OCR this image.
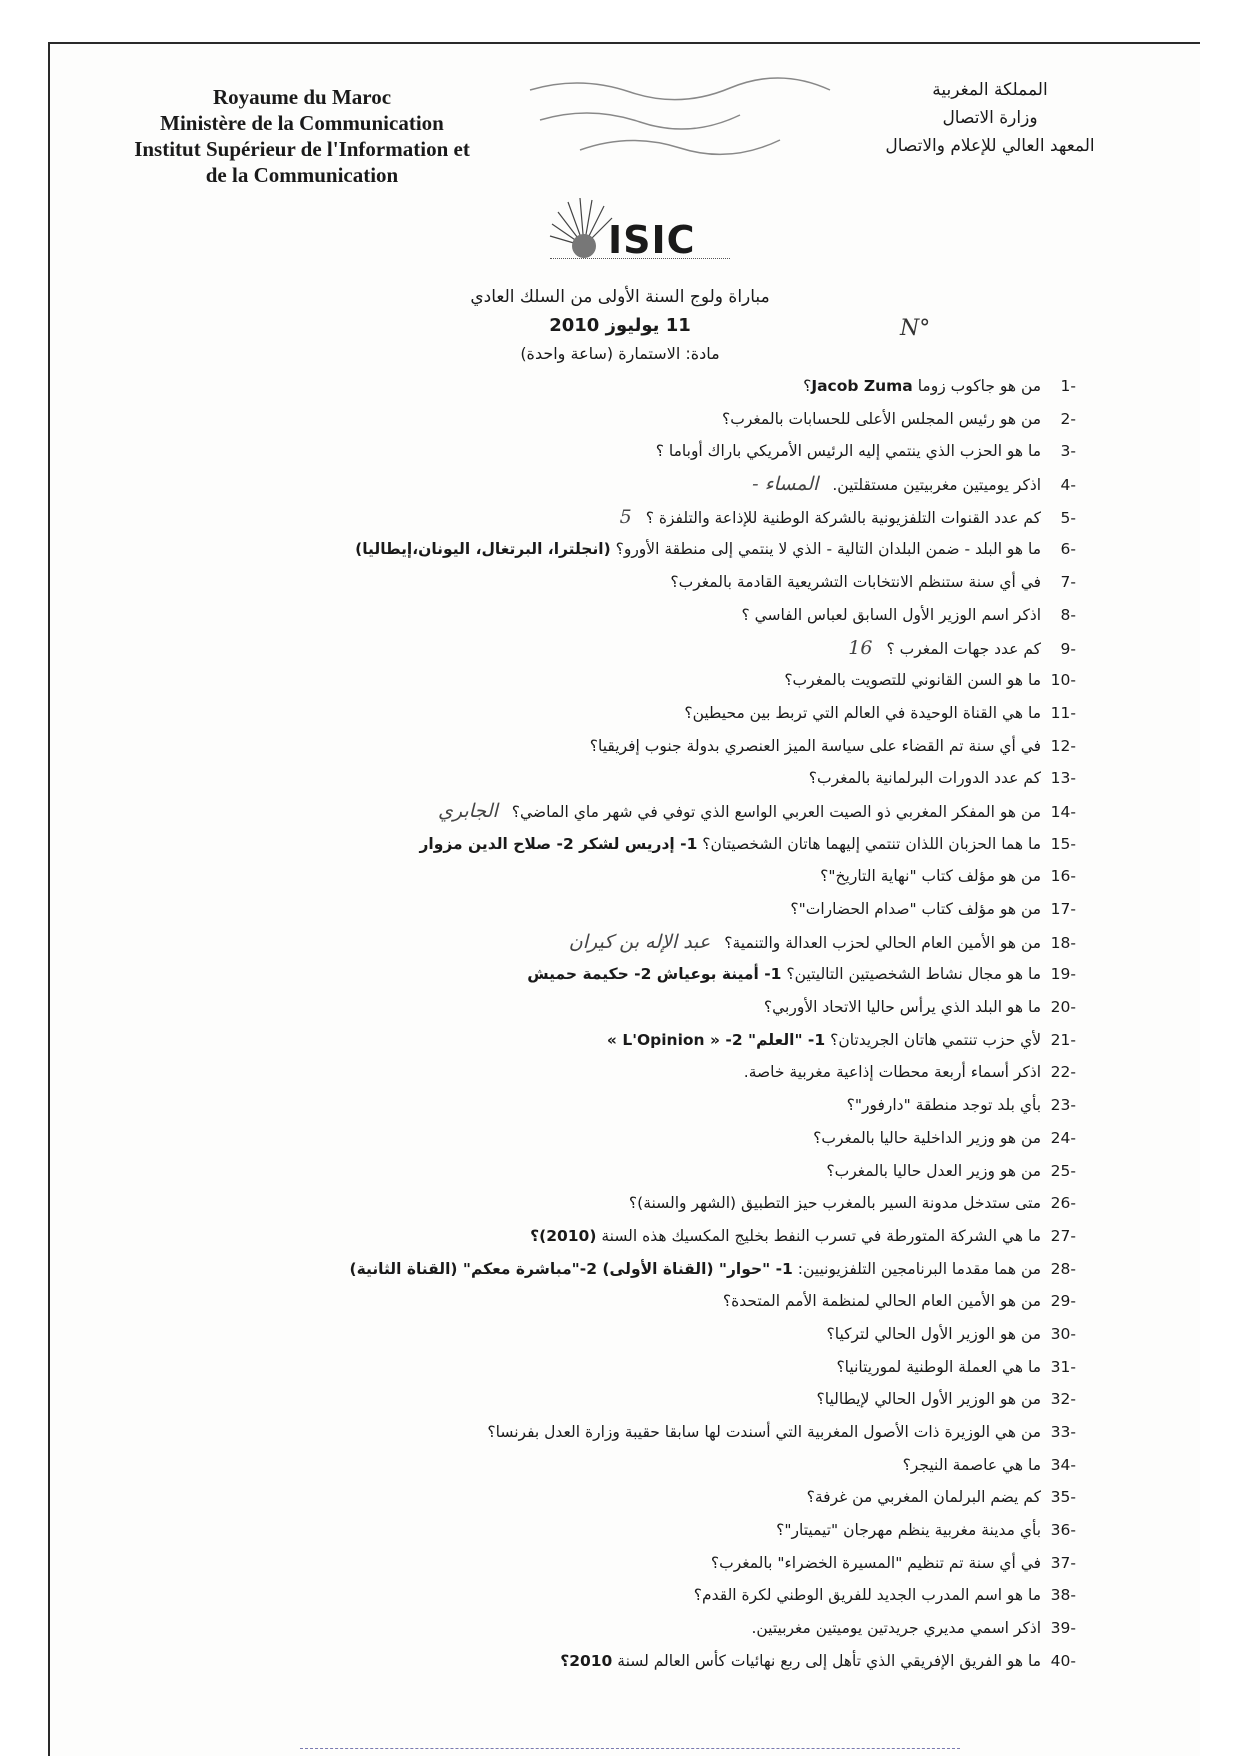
Royaume du Maroc
Ministère de la Communication
Institut Supérieur de l'Information et
de la Communication
المملكة المغربية
وزارة الاتصال
المعهد العالي للإعلام والاتصال
ISIC
مباراة ولوج السنة الأولى من السلك العادي
11 يوليوز 2010
مادة: الاستمارة (ساعة واحدة)
N°
-1 من هو جاكوب زوما Jacob Zuma؟
-2 من هو رئيس المجلس الأعلى للحسابات بالمغرب؟
-3 ما هو الحزب الذي ينتمي إليه الرئيس الأمريكي باراك أوباما ؟
-4 اذكر يوميتين مغربيتين مستقلتين.المساء -
-5 كم عدد القنوات التلفزيونية بالشركة الوطنية للإذاعة والتلفزة ؟5
-6 ما هو البلد - ضمن البلدان التالية - الذي لا ينتمي إلى منطقة الأورو؟ (انجلترا، البرتغال، اليونان،إيطاليا)
-7 في أي سنة ستنظم الانتخابات التشريعية القادمة بالمغرب؟
-8 اذكر اسم الوزير الأول السابق لعباس الفاسي ؟
-9 كم عدد جهات المغرب ؟16
-10 ما هو السن القانوني للتصويت بالمغرب؟
-11 ما هي القناة الوحيدة في العالم التي تربط بين محيطين؟
-12 في أي سنة تم القضاء على سياسة الميز العنصري بدولة جنوب إفريقيا؟
-13 كم عدد الدورات البرلمانية بالمغرب؟
-14 من هو المفكر المغربي ذو الصيت العربي الواسع الذي توفي في شهر ماي الماضي؟الجابري
-15 ما هما الحزبان اللذان تنتمي إليهما هاتان الشخصيتان؟ 1- إدريس لشكر 2- صلاح الدين مزوار
-16 من هو مؤلف كتاب "نهاية التاريخ"؟
-17 من هو مؤلف كتاب "صدام الحضارات"؟
-18 من هو الأمين العام الحالي لحزب العدالة والتنمية؟عبد الإله بن كيران
-19 ما هو مجال نشاط الشخصيتين التاليتين؟ 1- أمينة بوعياش 2- حكيمة حميش
-20 ما هو البلد الذي يرأس حاليا الاتحاد الأوربي؟
-21 لأي حزب تنتمي هاتان الجريدتان؟ 1- "العلم" 2- « L'Opinion »
-22 اذكر أسماء أربعة محطات إذاعية مغربية خاصة.
-23 بأي بلد توجد منطقة "دارفور"؟
-24 من هو وزير الداخلية حاليا بالمغرب؟
-25 من هو وزير العدل حاليا بالمغرب؟
-26 متى ستدخل مدونة السير بالمغرب حيز التطبيق (الشهر والسنة)؟
-27 ما هي الشركة المتورطة في تسرب النفط بخليج المكسيك هذه السنة (2010)؟
-28 من هما مقدما البرنامجين التلفزيونيين: 1- "حوار" (القناة الأولى) 2-"مباشرة معكم" (القناة الثانية)
-29 من هو الأمين العام الحالي لمنظمة الأمم المتحدة؟
-30 من هو الوزير الأول الحالي لتركيا؟
-31 ما هي العملة الوطنية لموريتانيا؟
-32 من هو الوزير الأول الحالي لإيطاليا؟
-33 من هي الوزيرة ذات الأصول المغربية التي أسندت لها سابقا حقيبة وزارة العدل بفرنسا؟
-34 ما هي عاصمة النيجر؟
-35 كم يضم البرلمان المغربي من غرفة؟
-36 بأي مدينة مغربية ينظم مهرجان "تيميتار"؟
-37 في أي سنة تم تنظيم "المسيرة الخضراء" بالمغرب؟
-38 ما هو اسم المدرب الجديد للفريق الوطني لكرة القدم؟
-39 اذكر اسمي مديري جريدتين يوميتين مغربيتين.
-40 ما هو الفريق الإفريقي الذي تأهل إلى ربع نهائيات كأس العالم لسنة 2010؟
